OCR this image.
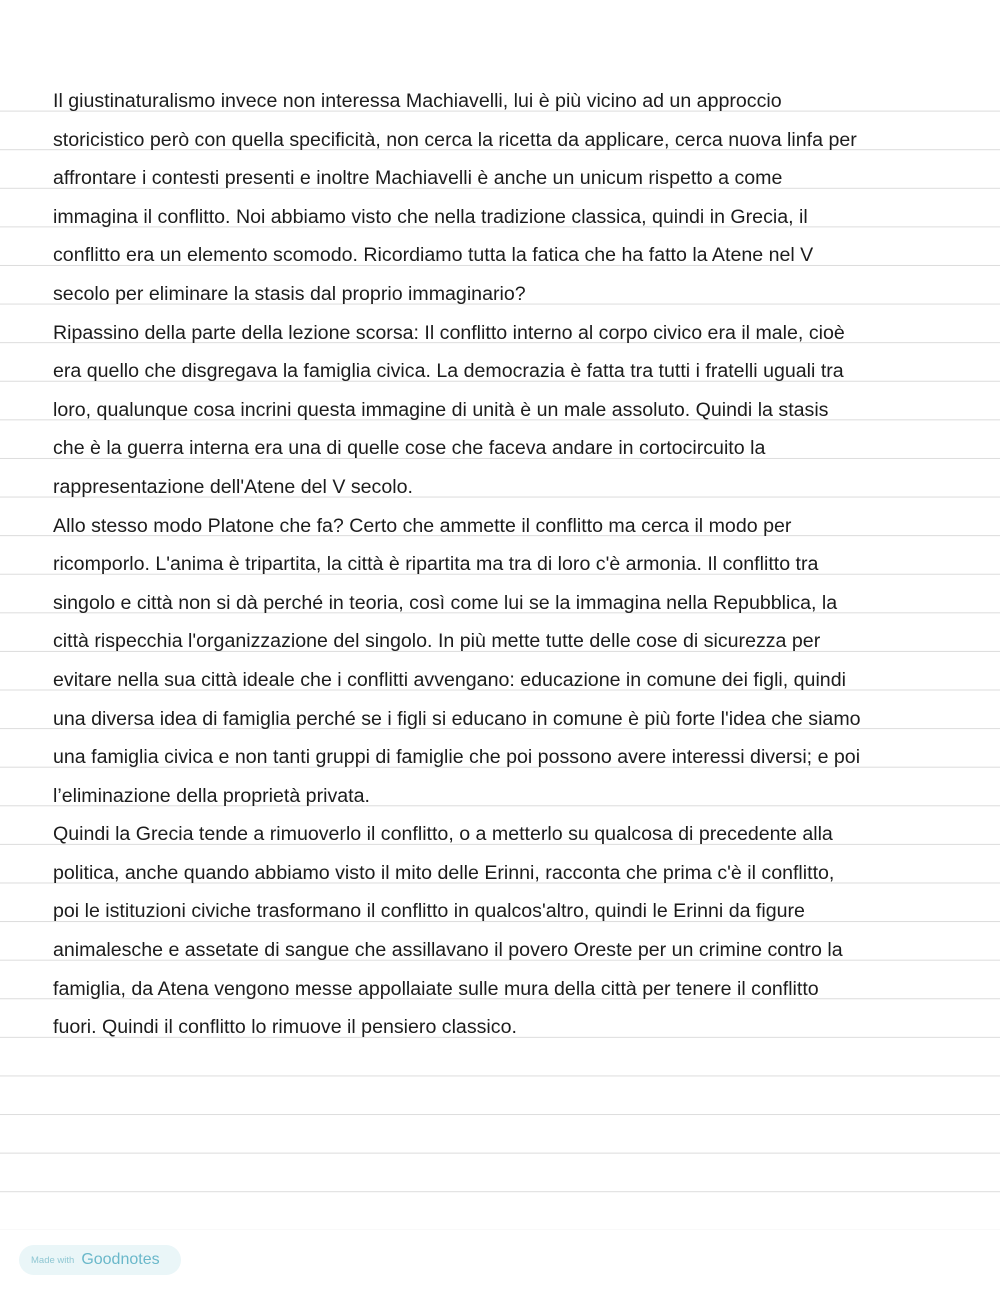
Il giustinaturalismo invece non interessa Machiavelli, lui è più vicino ad un approccio
storicistico però con quella specificità, non cerca la ricetta da applicare, cerca nuova linfa per
affrontare i contesti presenti e inoltre Machiavelli è anche un unicum rispetto a come
immagina il conflitto. Noi abbiamo visto che nella tradizione classica, quindi in Grecia, il
conflitto era un elemento scomodo. Ricordiamo tutta la fatica che ha fatto la Atene nel V
secolo per eliminare la stasis dal proprio immaginario?
Ripassino della parte della lezione scorsa: Il conflitto interno al corpo civico era il male, cioè
era quello che disgregava la famiglia civica. La democrazia è fatta tra tutti i fratelli uguali tra
loro, qualunque cosa incrini questa immagine di unità è un male assoluto. Quindi la stasis
che è la guerra interna era una di quelle cose che faceva andare in cortocircuito la
rappresentazione dell'Atene del V secolo.
Allo stesso modo Platone che fa? Certo che ammette il conflitto ma cerca il modo per
ricomporlo. L'anima è tripartita, la città è ripartita ma tra di loro c'è armonia. Il conflitto tra
singolo e città non si dà perché in teoria, così come lui se la immagina nella Repubblica, la
città rispecchia l'organizzazione del singolo. In più mette tutte delle cose di sicurezza per
evitare nella sua città ideale che i conflitti avvengano: educazione in comune dei figli, quindi
una diversa idea di famiglia perché se i figli si educano in comune è più forte l'idea che siamo
una famiglia civica e non tanti gruppi di famiglie che poi possono avere interessi diversi; e poi
l’eliminazione della proprietà privata.
Quindi la Grecia tende a rimuoverlo il conflitto, o a metterlo su qualcosa di precedente alla
politica, anche quando abbiamo visto il mito delle Erinni, racconta che prima c'è il conflitto,
poi le istituzioni civiche trasformano il conflitto in qualcos'altro, quindi le Erinni da figure
animalesche e assetate di sangue che assillavano il povero Oreste per un crimine contro la
famiglia, da Atena vengono messe appollaiate sulle mura della città per tenere il conflitto
fuori. Quindi il conflitto lo rimuove il pensiero classico.
Made with Goodnotes
